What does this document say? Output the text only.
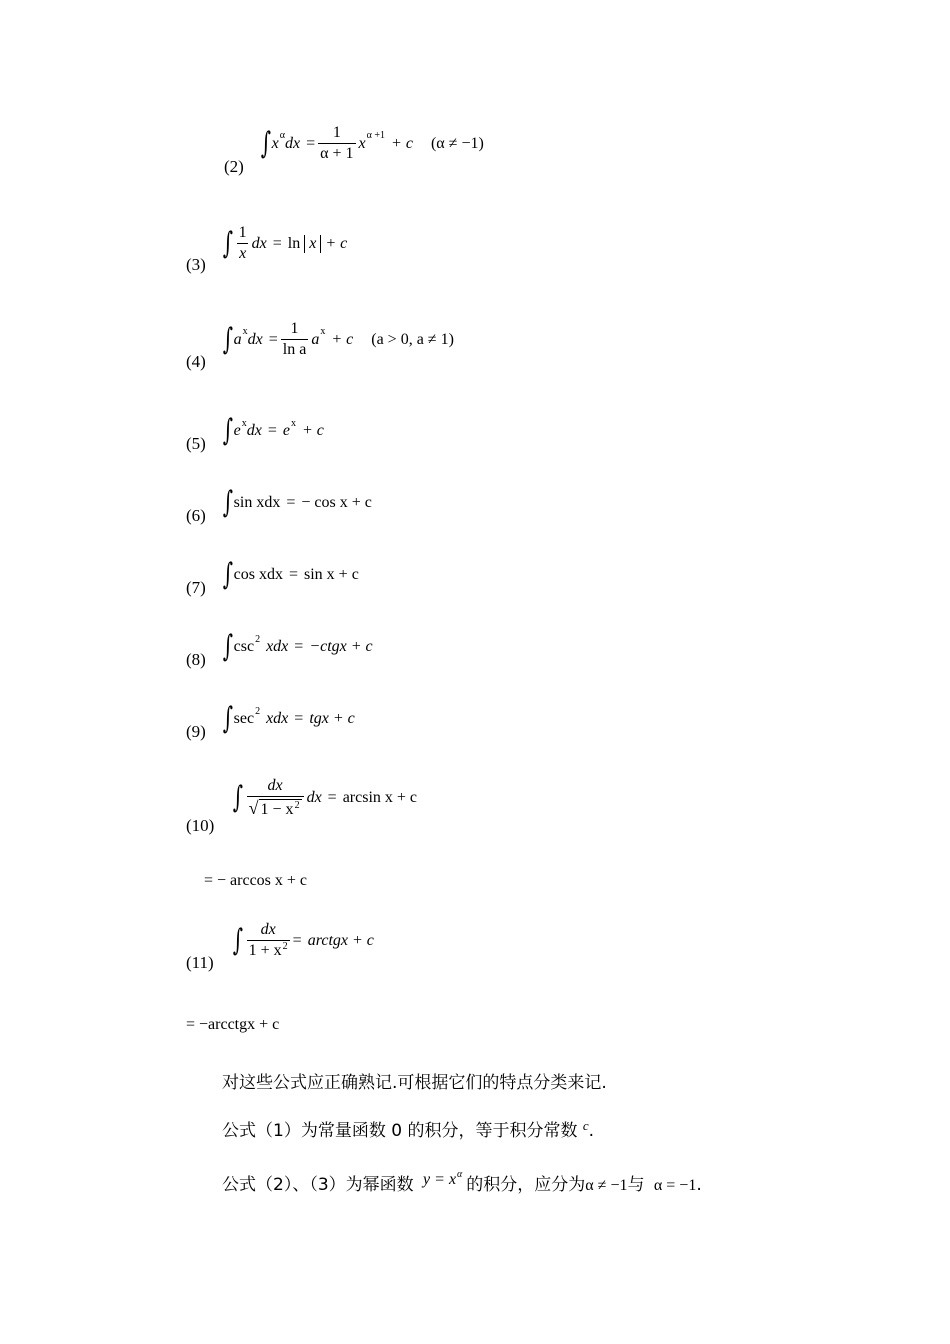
(2)
∫ x α dx = $\frac{1}{\alpha + 1}$ x α +1 + c (α ≠ −1)
(3)
∫ $\frac{1}{x}$ dx = ln x + c
(4)
∫ a x dx = $\frac{1}{\text{ln a}}$ a x + c (a > 0, a ≠ 1)
(5) ∫ e x dx = e x + c
(6) ∫ sin xdx = − cos x + c
(7) ∫ cos xdx = sin x + c
(8) ∫ csc 2 xdx = −ctgx + c
(9) ∫ sec 2 xdx = tgx + c
(10)
∫ $\frac{dx}{√ 1 - x^2}$ dx = arcsin x + c
= − arccos x + c
(11)
∫ $\frac{dx}{1 + x^2}$ = arctgx + c
= −arcctgx + c
对这些公式应正确熟记.可根据它们的特点分类来记.
公式（1）为常量函数 0 的积分，等于积分常数 $^c$.
公式（2）、（3）为幂函数 $y = x^\alpha$的积分，应分为α ≠ −1与 α = −1.
